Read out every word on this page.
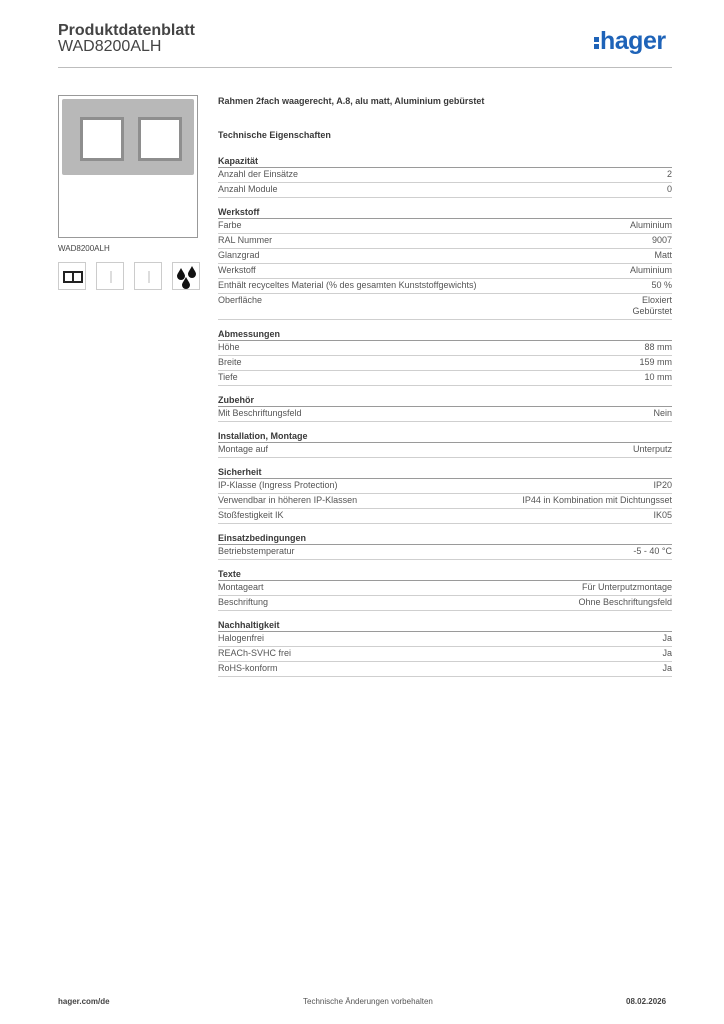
Produktdatenblatt
WAD8200ALH	hager
WAD8200ALH
Rahmen 2fach waagerecht, A.8, alu matt, Aluminium gebürstet
Technische Eigenschaften
Kapazität
Anzahl der Einsätze	2
Anzahl Module	0
Werkstoff
Farbe	Aluminium
RAL Nummer	9007
Glanzgrad	Matt
Werkstoff	Aluminium
Enthält recyceltes Material (% des gesamten Kunststoffgewichts)	50 %
Oberfläche	Eloxiert
Gebürstet
Abmessungen
Höhe	88 mm
Breite	159 mm
Tiefe	10 mm
Zubehör
Mit Beschriftungsfeld	Nein
Installation, Montage
Montage auf	Unterputz
Sicherheit
IP-Klasse (Ingress Protection)	IP20
Verwendbar in höheren IP-Klassen	IP44 in Kombination mit Dichtungsset
Stoßfestigkeit IK	IK05
Einsatzbedingungen
Betriebstemperatur	-5 - 40 °C
Texte
Montageart	Für Unterputzmontage
Beschriftung	Ohne Beschriftungsfeld
Nachhaltigkeit
Halogenfrei	Ja
REACh-SVHC frei	Ja
RoHS-konform	Ja
hager.com/de	Technische Änderungen vorbehalten	08.02.2026
